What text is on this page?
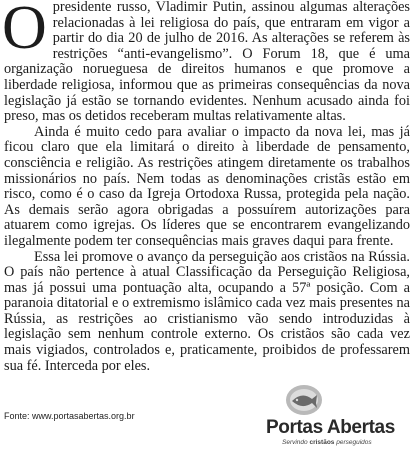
Opresidente russo, Vladimir Putin, assinou algumas alterações relacionadas à lei religiosa do país, que entraram em vigor a partir do dia 20 de julho de 2016. As alterações se referem às restrições “anti-evangelismo”. O Forum 18, que é uma organização norueguesa de direitos humanos e que promove a liberdade religiosa, informou que as primeiras consequências da nova legislação já estão se tornando evidentes. Nenhum acusado ainda foi preso, mas os detidos receberam multas relativamente altas.

Ainda é muito cedo para avaliar o impacto da nova lei, mas já ficou claro que ela limitará o direito à liberdade de pensamento, consciência e religião. As restrições atingem diretamente os trabalhos missionários no país. Nem todas as denominações cristãs estão em risco, como é o caso da Igreja Ortodoxa Russa, protegida pela nação. As demais serão agora obrigadas a possuírem autorizações para atuarem como igrejas. Os líderes que se encontrarem evangelizando ilegalmente podem ter consequências mais graves daqui para frente.

Essa lei promove o avanço da perseguição aos cristãos na Rússia. O país não pertence à atual Classificação da Perseguição Religiosa, mas já possui uma pontuação alta, ocupando a 57ª posição. Com a paranoia ditatorial e o extremismo islâmico cada vez mais presentes na Rússia, as restrições ao cristianismo vão sendo introduzidas à legislação sem nenhum controle externo. Os cristãos são cada vez mais vigiados, controlados e, praticamente, proibidos de professarem sua fé. Interceda por eles.

Fonte: www.portasabertas.org.br
Portas Abertas
Servindo cristãos perseguidos
